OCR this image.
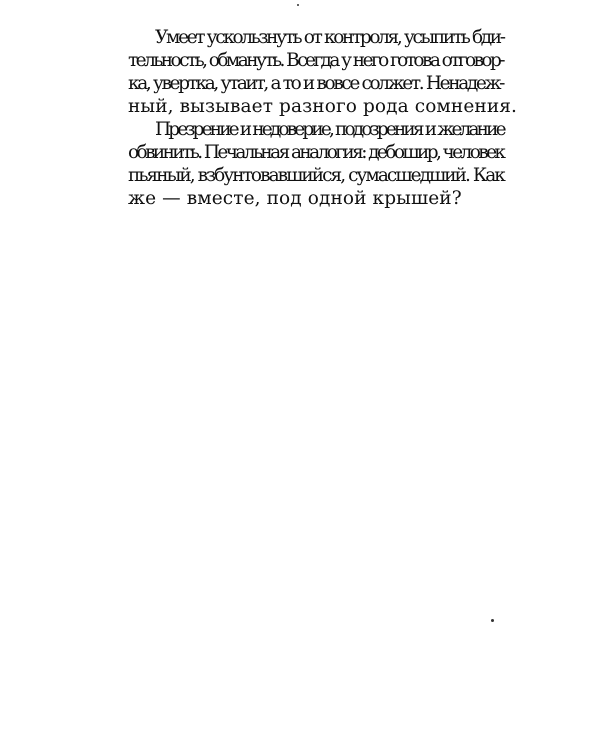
Умеет ускользнуть от контроля, усыпить бди-
тельность, обмануть. Всегда у него готова отговор-
ка, увертка, утаит, а то и вовсе солжет. Ненадеж-
ный, вызывает разного рода сомнения.

Презрение и недоверие, подозрения и желание
обвинить. Печальная аналогия: дебошир, человек
пьяный, взбунтовавшийся, сумасшедший. Как
же — вместе, под одной крышей?
